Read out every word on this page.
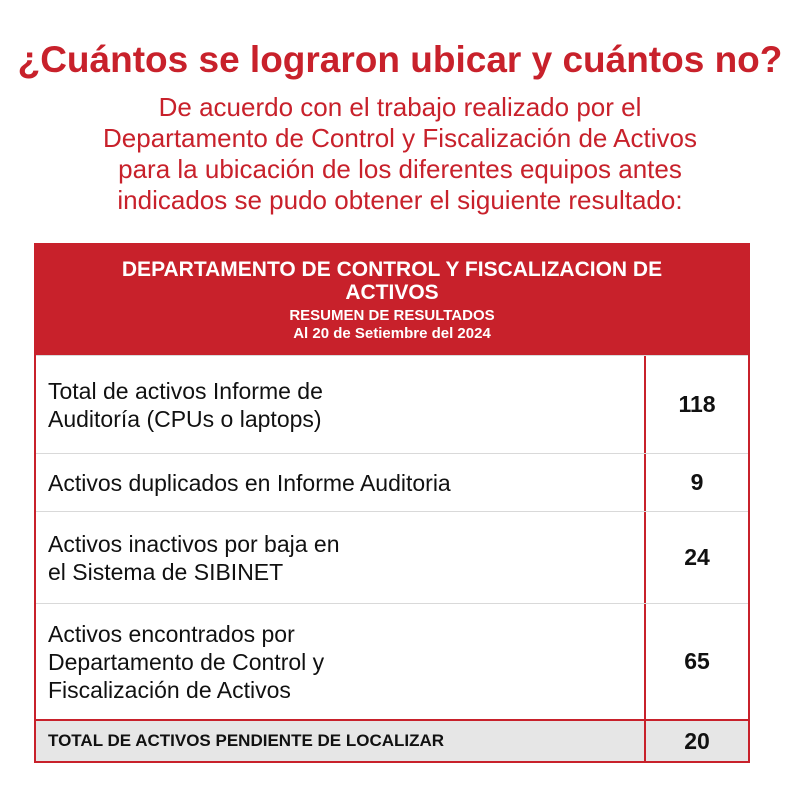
¿Cuántos se lograron ubicar y cuántos no?
De acuerdo con el trabajo realizado por el
Departamento de Control y Fiscalización de Activos
para la ubicación de los diferentes equipos antes
indicados se pudo obtener el siguiente resultado:
DEPARTAMENTO DE CONTROL Y FISCALIZACION DE ACTIVOS
RESUMEN DE RESULTADOS
Al 20 de Setiembre del 2024
Total de activos Informe de
Auditoría (CPUs o laptops)
118
Activos duplicados en Informe Auditoria	9
Activos inactivos por baja en
el Sistema de SIBINET
24
Activos encontrados por
Departamento de Control y
Fiscalización de Activos
65
TOTAL DE ACTIVOS PENDIENTE DE LOCALIZAR	20
